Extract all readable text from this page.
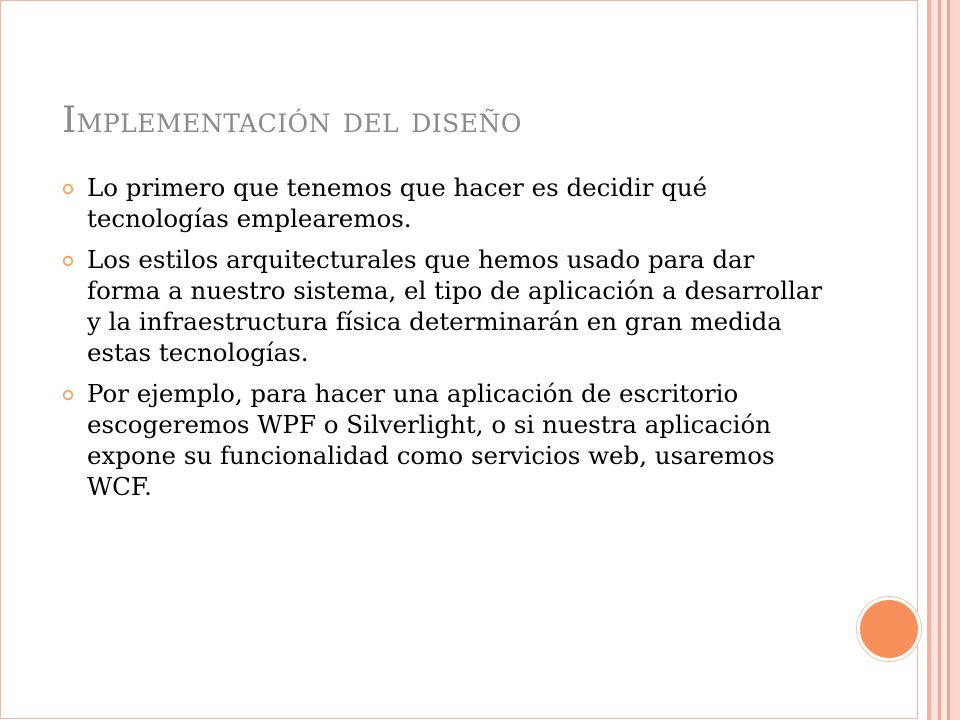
Implementación del diseño
Lo primero que tenemos que hacer es decidir qué tecnologías emplearemos.
Los estilos arquitecturales que hemos usado para dar forma a nuestro sistema, el tipo de aplicación a desarrollar y la infraestructura física determinarán en gran medida estas tecnologías.
Por ejemplo, para hacer una aplicación de escritorio escogeremos WPF o Silverlight, o si nuestra aplicación expone su funcionalidad como servicios web, usaremos WCF.
